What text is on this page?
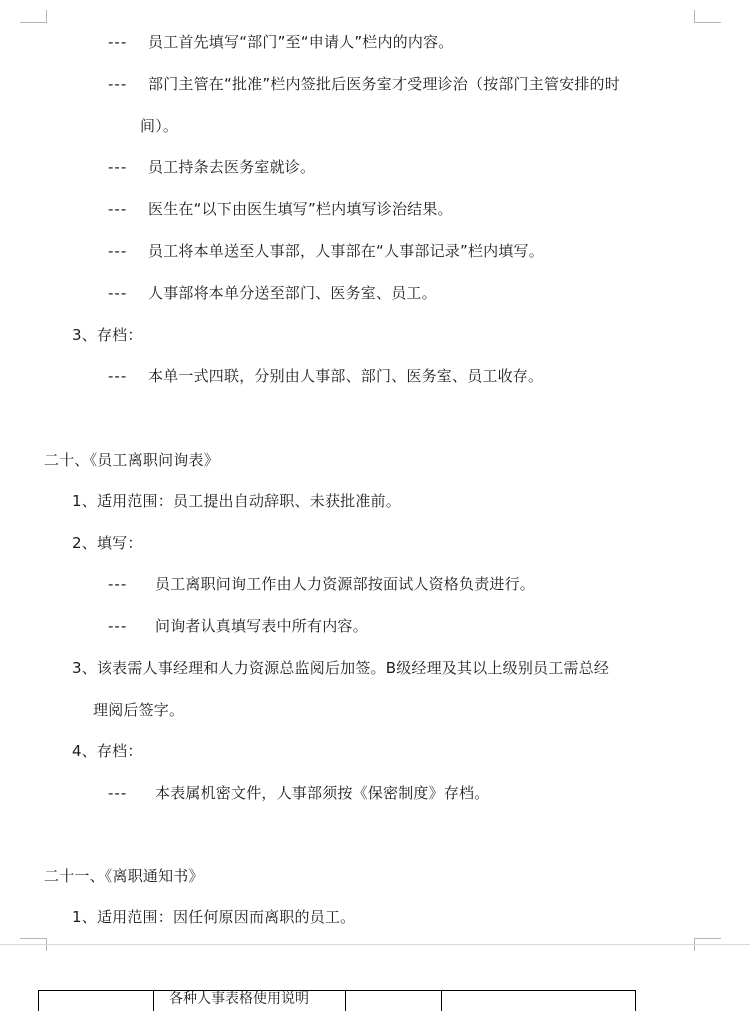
--- 员工首先填写“部门”至“申请人”栏内的内容。
--- 部门主管在“批准”栏内签批后医务室才受理诊治（按部门主管安排的时
间）。
--- 员工持条去医务室就诊。
--- 医生在“以下由医生填写”栏内填写诊治结果。
--- 员工将本单送至人事部，人事部在“人事部记录”栏内填写。
--- 人事部将本单分送至部门、医务室、员工。
3、存档：
--- 本单一式四联，分别由人事部、部门、医务室、员工收存。
二十、《员工离职问询表》
1、适用范围：员工提出自动辞职、未获批准前。
2、填写：
--- 员工离职问询工作由人力资源部按面试人资格负责进行。
--- 问询者认真填写表中所有内容。
3、该表需人事经理和人力资源总监阅后加签。B级经理及其以上级别员工需总经
理阅后签字。
4、存档：
--- 本表属机密文件，人事部须按《保密制度》存档。
二十一、《离职通知书》
1、适用范围：因任何原因而离职的员工。
各种人事表格使用说明
